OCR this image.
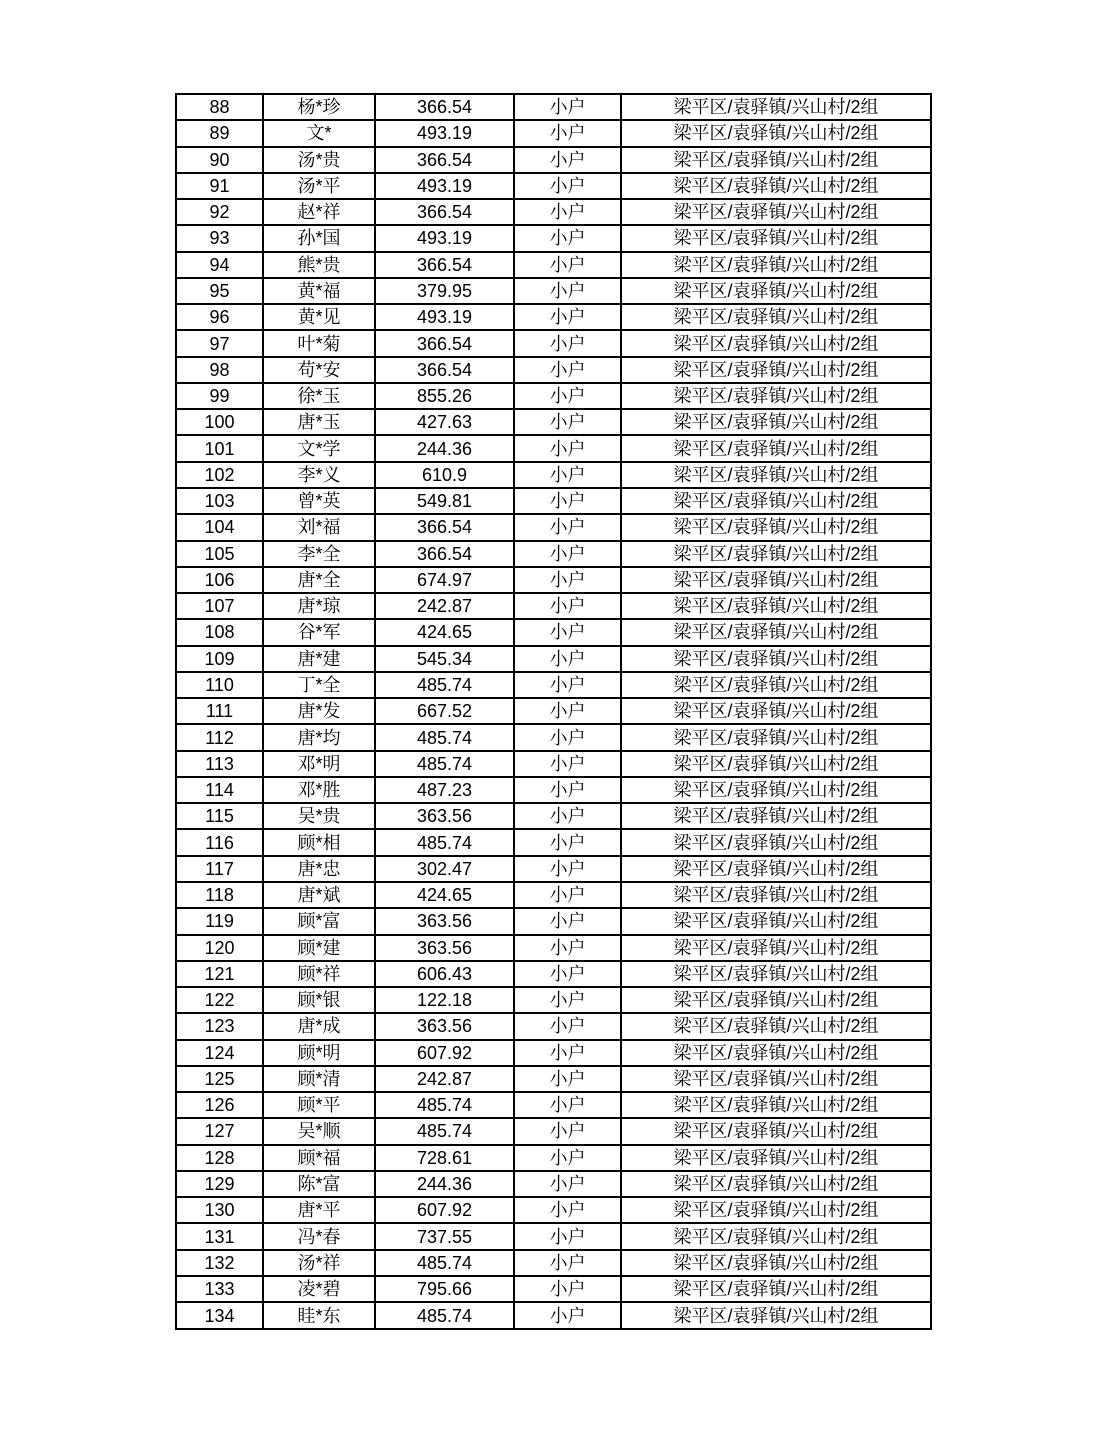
88	杨*珍	366.54	小户	梁平区/袁驿镇/兴山村/2组
89	文*	493.19	小户	梁平区/袁驿镇/兴山村/2组
90	汤*贵	366.54	小户	梁平区/袁驿镇/兴山村/2组
91	汤*平	493.19	小户	梁平区/袁驿镇/兴山村/2组
92	赵*祥	366.54	小户	梁平区/袁驿镇/兴山村/2组
93	孙*国	493.19	小户	梁平区/袁驿镇/兴山村/2组
94	熊*贵	366.54	小户	梁平区/袁驿镇/兴山村/2组
95	黄*福	379.95	小户	梁平区/袁驿镇/兴山村/2组
96	黄*见	493.19	小户	梁平区/袁驿镇/兴山村/2组
97	叶*菊	366.54	小户	梁平区/袁驿镇/兴山村/2组
98	苟*安	366.54	小户	梁平区/袁驿镇/兴山村/2组
99	徐*玉	855.26	小户	梁平区/袁驿镇/兴山村/2组
100	唐*玉	427.63	小户	梁平区/袁驿镇/兴山村/2组
101	文*学	244.36	小户	梁平区/袁驿镇/兴山村/2组
102	李*义	610.9	小户	梁平区/袁驿镇/兴山村/2组
103	曾*英	549.81	小户	梁平区/袁驿镇/兴山村/2组
104	刘*福	366.54	小户	梁平区/袁驿镇/兴山村/2组
105	李*全	366.54	小户	梁平区/袁驿镇/兴山村/2组
106	唐*全	674.97	小户	梁平区/袁驿镇/兴山村/2组
107	唐*琼	242.87	小户	梁平区/袁驿镇/兴山村/2组
108	谷*军	424.65	小户	梁平区/袁驿镇/兴山村/2组
109	唐*建	545.34	小户	梁平区/袁驿镇/兴山村/2组
110	丁*全	485.74	小户	梁平区/袁驿镇/兴山村/2组
111	唐*发	667.52	小户	梁平区/袁驿镇/兴山村/2组
112	唐*均	485.74	小户	梁平区/袁驿镇/兴山村/2组
113	邓*明	485.74	小户	梁平区/袁驿镇/兴山村/2组
114	邓*胜	487.23	小户	梁平区/袁驿镇/兴山村/2组
115	吴*贵	363.56	小户	梁平区/袁驿镇/兴山村/2组
116	顾*相	485.74	小户	梁平区/袁驿镇/兴山村/2组
117	唐*忠	302.47	小户	梁平区/袁驿镇/兴山村/2组
118	唐*斌	424.65	小户	梁平区/袁驿镇/兴山村/2组
119	顾*富	363.56	小户	梁平区/袁驿镇/兴山村/2组
120	顾*建	363.56	小户	梁平区/袁驿镇/兴山村/2组
121	顾*祥	606.43	小户	梁平区/袁驿镇/兴山村/2组
122	顾*银	122.18	小户	梁平区/袁驿镇/兴山村/2组
123	唐*成	363.56	小户	梁平区/袁驿镇/兴山村/2组
124	顾*明	607.92	小户	梁平区/袁驿镇/兴山村/2组
125	顾*清	242.87	小户	梁平区/袁驿镇/兴山村/2组
126	顾*平	485.74	小户	梁平区/袁驿镇/兴山村/2组
127	吴*顺	485.74	小户	梁平区/袁驿镇/兴山村/2组
128	顾*福	728.61	小户	梁平区/袁驿镇/兴山村/2组
129	陈*富	244.36	小户	梁平区/袁驿镇/兴山村/2组
130	唐*平	607.92	小户	梁平区/袁驿镇/兴山村/2组
131	冯*春	737.55	小户	梁平区/袁驿镇/兴山村/2组
132	汤*祥	485.74	小户	梁平区/袁驿镇/兴山村/2组
133	凌*碧	795.66	小户	梁平区/袁驿镇/兴山村/2组
134	眭*东	485.74	小户	梁平区/袁驿镇/兴山村/2组
